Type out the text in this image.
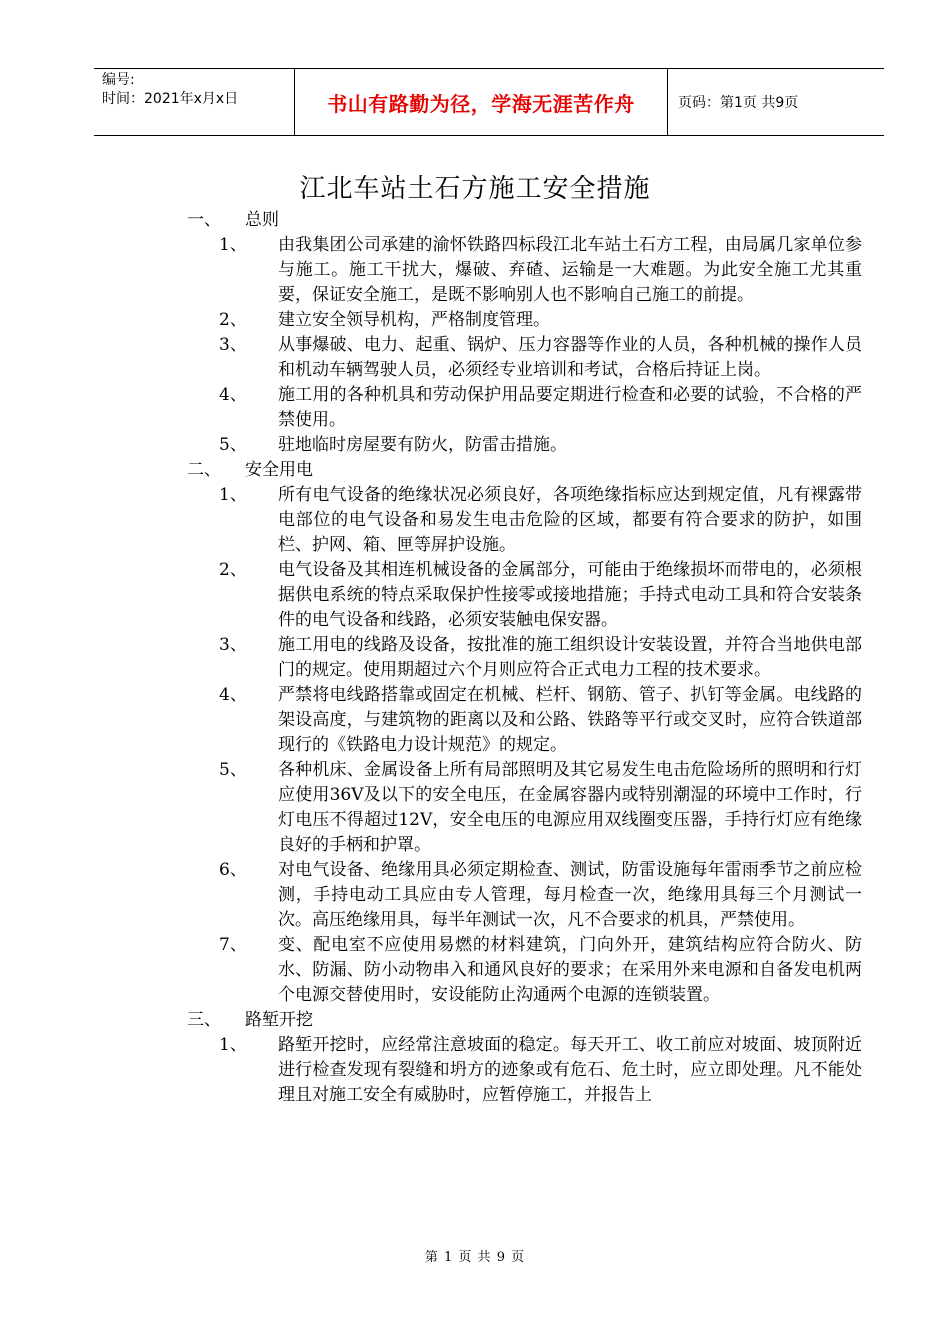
编号:
时间：2021年x月x日	书山有路勤为径，学海无涯苦作舟	页码：第1页 共9页
江北车站土石方施工安全措施
一、 总则
1、 由我集团公司承建的渝怀铁路四标段江北车站土石方工程，由局属几家单位参与施工。施工干扰大，爆破、弃碴、运输是一大难题。为此安全施工尤其重要，保证安全施工，是既不影响别人也不影响自己施工的前提。
2、 建立安全领导机构，严格制度管理。
3、 从事爆破、电力、起重、锅炉、压力容器等作业的人员，各种机械的操作人员和机动车辆驾驶人员，必须经专业培训和考试，合格后持证上岗。
4、 施工用的各种机具和劳动保护用品要定期进行检查和必要的试验，不合格的严禁使用。
5、 驻地临时房屋要有防火，防雷击措施。
二、 安全用电
1、 所有电气设备的绝缘状况必须良好，各项绝缘指标应达到规定值，凡有裸露带电部位的电气设备和易发生电击危险的区域，都要有符合要求的防护，如围栏、护网、箱、匣等屏护设施。
2、 电气设备及其相连机械设备的金属部分，可能由于绝缘损坏而带电的，必须根据供电系统的特点采取保护性接零或接地措施；手持式电动工具和符合安装条件的电气设备和线路，必须安装触电保安器。
3、 施工用电的线路及设备，按批准的施工组织设计安装设置，并符合当地供电部门的规定。使用期超过六个月则应符合正式电力工程的技术要求。
4、 严禁将电线路搭靠或固定在机械、栏杆、钢筋、管子、扒钉等金属。电线路的架设高度，与建筑物的距离以及和公路、铁路等平行或交叉时，应符合铁道部现行的《铁路电力设计规范》的规定。
5、 各种机床、金属设备上所有局部照明及其它易发生电击危险场所的照明和行灯应使用36V及以下的安全电压，在金属容器内或特别潮湿的环境中工作时，行灯电压不得超过12V，安全电压的电源应用双线圈变压器，手持行灯应有绝缘良好的手柄和护罩。
6、 对电气设备、绝缘用具必须定期检查、测试，防雷设施每年雷雨季节之前应检测，手持电动工具应由专人管理，每月检查一次，绝缘用具每三个月测试一次。高压绝缘用具，每半年测试一次，凡不合要求的机具，严禁使用。
7、 变、配电室不应使用易燃的材料建筑，门向外开，建筑结构应符合防火、防水、防漏、防小动物串入和通风良好的要求；在采用外来电源和自备发电机两个电源交替使用时，安设能防止沟通两个电源的连锁装置。
三、 路堑开挖
1、 路堑开挖时，应经常注意坡面的稳定。每天开工、收工前应对坡面、坡顶附近进行检查发现有裂缝和坍方的迹象或有危石、危土时，应立即处理。凡不能处理且对施工安全有威胁时，应暂停施工，并报告上
第 1 页 共 9 页
